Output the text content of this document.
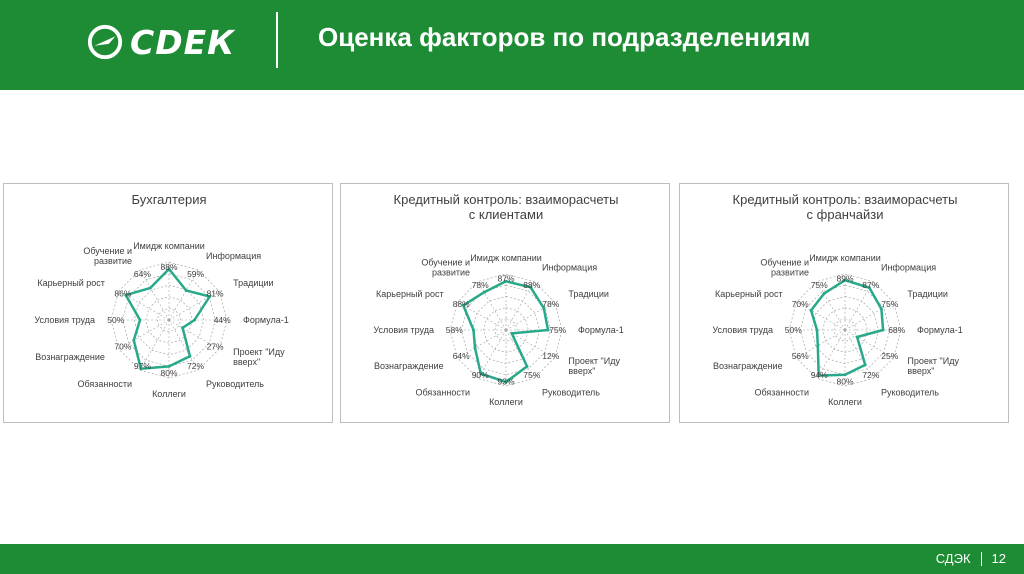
СDЕК	Оценка факторов по подразделениям
Бухгалтерия
88%
59%
81%
44%
27%
72%
80%
97%
70%
50%
86%
64%
Имидж компании
Информация
Традиции
Формула-1
Проект "Иду вверх"
Руководитель
Коллеги
Обязанности
Вознаграждение
Условия труда
Карьерный рост
Обучение и развитие
Кредитный контроль: взаиморасчеты с клиентами
87%
88%
78%
75%
12%
75%
93%
90%
64%
58%
88%
78%
Имидж компании
Информация
Традиции
Формула-1
Проект "Иду вверх"
Руководитель
Коллеги
Обязанности
Вознаграждение
Условия труда
Карьерный рост
Обучение и развитие
Кредитный контроль: взаиморасчеты с франчайзи
89%
87%
75%
68%
25%
72%
80%
94%
56%
50%
70%
75%
Имидж компании
Информация
Традиции
Формула-1
Проект "Иду вверх"
Руководитель
Коллеги
Обязанности
Вознаграждение
Условия труда
Карьерный рост
Обучение и развитие
СДЭК 12
